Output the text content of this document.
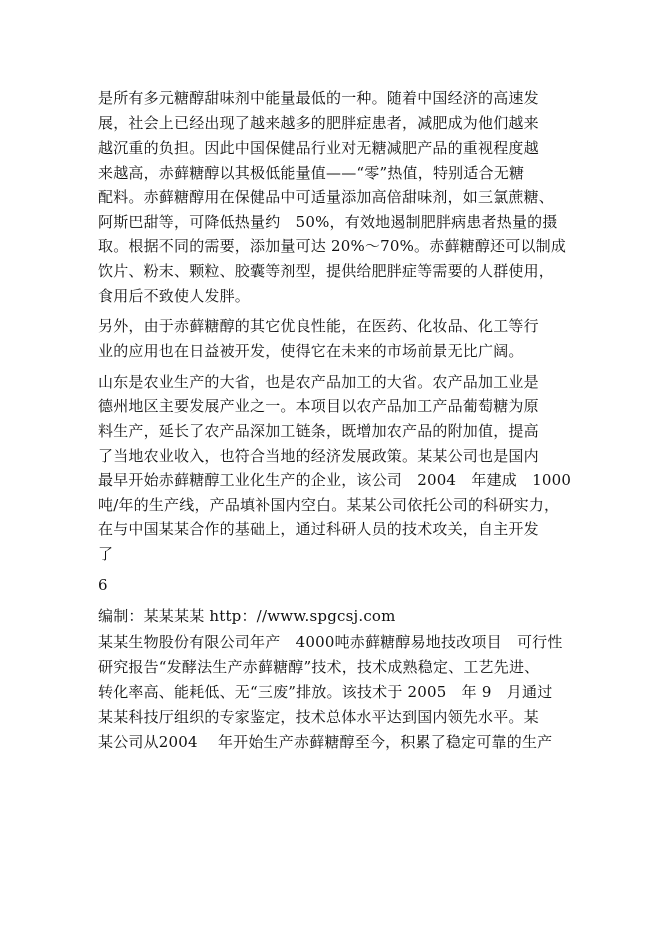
是所有多元糖醇甜味剂中能量最低的一种。随着中国经济的高速发
展，社会上已经出现了越来越多的肥胖症患者，减肥成为他们越来
越沉重的负担。因此中国保健品行业对无糖减肥产品的重视程度越
来越高，赤藓糖醇以其极低能量值——“零”热值，特别适合无糖
配料。赤藓糖醇用在保健品中可适量添加高倍甜味剂，如三氯蔗糖、
阿斯巴甜等，可降低热量约　50%，有效地遏制肥胖病患者热量的摄
取。根据不同的需要，添加量可达 20%～70%。赤藓糖醇还可以制成
饮片、粉末、颗粒、胶囊等剂型，提供给肥胖症等需要的人群使用，
食用后不致使人发胖。
另外，由于赤藓糖醇的其它优良性能，在医药、化妆品、化工等行
业的应用也在日益被开发，使得它在未来的市场前景无比广阔。
山东是农业生产的大省，也是农产品加工的大省。农产品加工业是
德州地区主要发展产业之一。本项目以农产品加工产品葡萄糖为原
料生产，延长了农产品深加工链条，既增加农产品的附加值，提高
了当地农业收入，也符合当地的经济发展政策。某某公司也是国内
最早开始赤藓糖醇工业化生产的企业，该公司　2004　年建成　1000
吨/年的生产线，产品填补国内空白。某某公司依托公司的科研实力，
在与中国某某合作的基础上，通过科研人员的技术攻关，自主开发
了
6
编制：某某某某 http：//www.spgcsj.com
某某生物股份有限公司年产　4000吨赤藓糖醇易地技改项目　可行性
研究报告“发酵法生产赤藓糖醇”技术，技术成熟稳定、工艺先进、
转化率高、能耗低、无“三废”排放。该技术于 2005　年 9　月通过
某某科技厅组织的专家鉴定，技术总体水平达到国内领先水平。某
某公司从2004　 年开始生产赤藓糖醇至今，积累了稳定可靠的生产
